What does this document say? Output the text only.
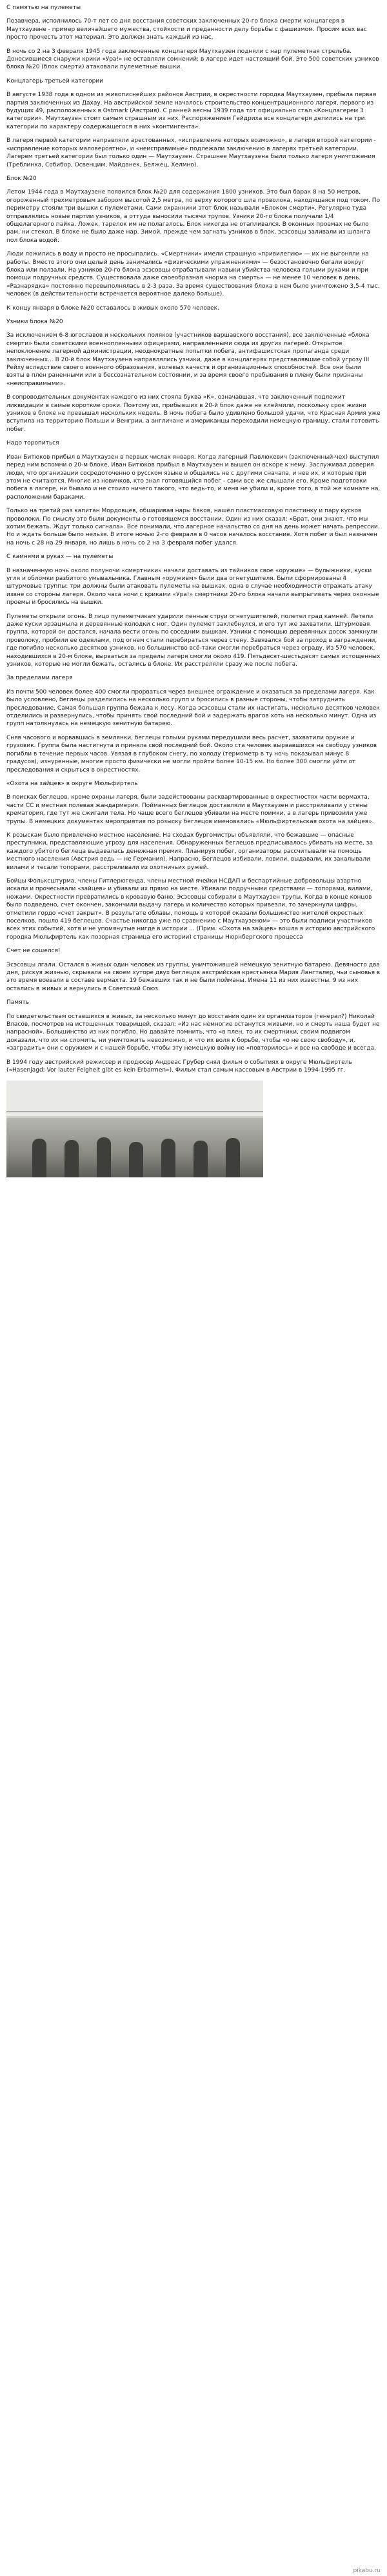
С памятью на пулеметы

Позавчера, исполнилось 70-т лет со дня восстания советских заключенных 20-го блока смерти концлагеря в Маутхаузене - пример величайшего мужества, стойкости и преданности делу борьбы с фашизмом. Просим всех вас просто прочесть этот материал. Это должен знать каждый из нас.

В ночь со 2 на 3 февраля 1945 года заключенные концлагеря Маутхаузен подняли с нар пулеметная стрельба. Доносившиеся снаружи крики «Ура!» не оставляли сомнений: в лагере идет настоящий бой. Это 500 советских узников блока №20 (блок смерти) атаковали пулеметные вышки.

Концлагерь третьей категории

В августе 1938 года в одном из живописнейших районов Австрии, в окрестности городка Маутхаузен, прибыла первая партия заключенных из Дахау. На австрийской земле началось строительство концентрационного лагеря, первого из будущих 49, расположенных в Ostmark (Австрия). С ранней весны 1939 года тот официально стал «Концлагерем 3 категории». Маутхаузен стоит самым страшным из них. Распоряжением Гейдриха все концлагеря делились на три категории по характеру содержащегося в них «контингента».

В лагеря первой категории направляли арестованных, «исправление которых возможно», в лагеря второй категории - «исправление которых маловероятно», и «неисправимые» подлежали заключению в лагерях третьей категории. Лагерем третьей категории был только один — Маутхаузен. Страшнее Маутхаузена были только лагеря уничтожения (Треблинка, Собибор, Освенцим, Майданек, Белжец, Хелмно).

Блок №20

Летом 1944 года в Маутхаузене появился блок №20 для содержания 1800 узников. Это был барак 8 на 50 метров, огороженный трехметровым забором высотой 2,5 метра, по верху которого шла проволока, находящаяся под током. По периметру стояли три вышки с пулеметами. Сами охранники этот блок называли «Блоком смерти». Регулярно туда отправлялись новые партии узников, а оттуда выносили тысячи трупов. Узники 20-го блока получали 1/4 общелагерного пайка. Ложек, тарелок им не полагалось. Блок никогда не отапливался. В оконных проемах не было рам, ни стекол. В блоке не было даже нар. Зимой, прежде чем загнать узников в блок, эсэсовцы заливали из шланга пол блока водой.

Люди ложились в воду и просто не просыпались. «Смертники» имели страшную «привилегию» — их не выгоняли на работы. Вместо этого они целый день занимались «физическими упражнениями» — безостановочно бегали вокруг блока или ползали. На узников 20-го блока эсэсовцы отрабатывали навыки убийства человека голыми руками и при помощи подручных средств. Существовала даже своеобразная «норма на смерть» — не менее 10 человек в день. «Разнарядка» постоянно перевыполнялась в 2-3 раза. За время существования блока в нем было уничтожено 3,5-4 тыс. человек (в действительности встречается вероятное далеко больше).

К концу января в блоке №20 оставалось в живых около 570 человек.

Узники блока №20

За исключением 6-8 югославов и нескольких поляков (участников варшавского восстания), все заключенные «блока смерти» были советскими военнопленными офицерами, направленными сюда из других лагерей. Открытое непоклонение лагерной администрации, неоднократные попытки побега, антифашистская пропаганда среди заключенных... В 20-й блок Маутхаузена направлялись узники, даже в концлагерях представлявшие собой угрозу III Рейху вследствие своего военного образования, волевых качеств и организационных способностей. Все они были взяты в плен раненными или в бессознательном состоянии, и за время своего пребывания в плену были признаны «неисправимыми».

В сопроводительных документах каждого из них стояла буква «К», означавшая, что заключенный подлежит ликвидации в самые короткие сроки. Поэтому их, прибывших в 20-й блок даже не клеймили, поскольку срок жизни узников в блоке не превышал нескольких недель. В ночь побега было удивлено большой удачи, что Красная Армия уже вступила на территорию Польши и Венгрии, а англичане и американцы переходили немецкую границу, стали готовить побег.

Надо торопиться

Иван Битюков прибыл в Маутхаузен в первых числах января. Когда лагерный Павлюкевич (заключенный-чех) выступил перед ним вспомни о 20-м блоке, Иван Битюков прибыл в Маутхаузен и вышел он вскоре к нему. Заслуживал доверия люди, что организации сосредоточенно о русском языке и общались не с другими сначала, и нее их, и которые при этом не считаются. Многие из новичков, кто знал готовящийся побег - сами все же слышали его. Кроме подготовки побега в лагере, ни бывало и не стоило ничего такого, что ведь-то, и меня не убили и, кроме того, в той же комнате на, расположении бараками.

Только на третий раз капитан Мордовцев, обшаривая нары баков, нашёл пластмассовую пластинку и пару кусков проволоки. По смыслу это были документы о готовящемся восстании. Один из них сказал: «Брат, они знают, что мы хотим бежать. Ждут только сигнала». Все понимали, что лагерное начальство со дня на день может начать репрессии. Но и ждать больше было нельзя. В итоге ночью 2-го февраля в 0 часов началось восстание. Хотя побег и был назначен на ночь с 28 на 29 января, но лишь в ночь со 2 на 3 февраля побег удался.

С камнями в руках — на пулеметы

В назначенную ночь около полуночи «смертники» начали доставать из тайников свое «оружие» — булыжники, куски угля и обломки разбитого умывальника. Главным «оружием» были два огнетушителя. Были сформированы 4 штурмовые группы: три должны были атаковать пулеметы на вышках, одна в случае необходимости отражать атаку извне со стороны лагеря. Около часа ночи с криками «Ура!» смертники 20-го блока начали выпрыгивать через оконные проемы и бросились на вышки.

Пулеметы открыли огонь. В лицо пулеметчикам ударили пенные струи огнетушителей, полетел град камней. Летели даже куски эрзацмыла и деревянные колодки с ног. Один пулемет захлебнулся, и его тут же захватили. Штурмовая группа, которой он достался, начала вести огонь по соседним вышкам. Узники с помощью деревянных досок замкнули проволоку, пробили ее одеялами, под огнем стали перебираться через стену. Завязался бой за проход в заграждении, где погибло несколько десятков узников, но большинство всё-таки смогли перебраться через ограду. Из 570 человек, находившихся в 20-м блоке, вырваться за пределы лагеря смогли около 419. Пятьдесят-шестьдесят самых истощенных узников, которые не могли бежать, остались в блоке. Их расстреляли сразу же после побега.

За пределами лагеря

Из почти 500 человек более 400 смогли прорваться через внешнее ограждение и оказаться за пределами лагеря. Как было условлено, беглецы разделились на несколько групп и бросились в разные стороны, чтобы затруднить преследование. Самая большая группа бежала к лесу. Когда эсэсовцы стали их настигать, несколько десятков человек отделились и развернулись, чтобы принять свой последний бой и задержать врагов хоть на несколько минут. Одна из групп натолкнулась на немецкую зенитную батарею.

Сняв часового и ворвавшись в землянки, беглецы голыми руками передушили весь расчет, захватили оружие и грузовик. Группа была настигнута и приняла свой последний бой. Около ста человек вырвавшихся на свободу узников погибли в течение первых часов. Увязая в глубоком снегу, по холоду (термометр в ту ночь показывал минус 8 градусов), изнуренные, многие просто физически не могли пройти более 10-15 км. Но более 300 смогли уйти от преследования и скрыться в окрестностях.

«Охота на зайцев» в округе Мюльфиртель

В поисках беглецов, кроме охраны лагеря, были задействованы расквартированные в окрестностях части вермахта, части СС и местная полевая жандармерия. Пойманных беглецов доставляли в Маутхаузен и расстреливали у стены крематория, где тут же сжигали тела. Но чаще всего беглецов убивали на месте поимки, а в лагерь привозили уже трупы. В немецких документах мероприятия по розыску беглецов именовались «Мюльфиртельская охота на зайцев».

К розыскам было привлечено местное население. На сходах бургомистры объявляли, что бежавшие — опасные преступники, представляющие угрозу для населения. Обнаруженных беглецов предписывалось убивать на месте, за каждого убитого беглеца выдавалась денежная премия. Планируя побег, организаторы рассчитывали на помощь местного населения (Австрия ведь — не Германия). Напрасно. Беглецов избивали, ловили, выдавали, их закалывали вилами и тесали топорами, расстреливали из охотничьих ружей.

Бойцы Фольксштурма, члены Гитлерюгенда, члены местной ячейки НСДАП и беспартийные добровольцы азартно искали и прочесывали «зайцев» и убивали их прямо на месте. Убивали подручными средствами — топорами, вилами, ножами. Окрестности превратились в кровавую баню. Эсэсовцы собирали в Маутхаузен трупы. Когда в конце концов было подведено, счет окончен, закончили выдачу лагерь и количество которых привезли, то зачеркнули цифры, отметили гордо «счет закрыт». В результате облавы, помощь в которой оказали большинство жителей окрестных поселков, пошло 419 беглецов. Счастье никогда уже по сравнению с Маутхаузеном» — это были подписи участников всех этих событий, хотя и не упомянутые нигде в истории ... (Прим. «Охота на зайцев» вошла в историю австрийского городка Мюльфиртель как позорная страница его истории) страницы Нюрнбергского процесса

Счет не сошелся!

Эсэсовцы лгали. Остался в живых один человек из группы, уничтожившей немецкую зенитную батарею. Девяносто два дня, рискуя жизнью, скрывала на своем хуторе двух беглецов австрийская крестьянка Мария Лангталер, чьи сыновья в это время воевали в составе вермахта. 19 бежавших так и не были пойманы. Имена 11 из них известны. 9 из них остались в живых и вернулись в Советский Союз.

Память

По свидетельствам оставшихся в живых, за несколько минут до восстания один из организаторов (генерал?) Николай Власов, посмотрев на истощенных товарищей, сказал: «Из нас немногие останутся живыми, но и смерть наша будет не напрасной». Большинство из них погибло. Но давайте помнить, что «в плен, то их смертники, своим подвигом доказали, что их ни сломить, ни уничтожить невозможно, и что их воля к борьбе, чтобы «о не свою свободу», и, «заградить» они с оружием и с нашей борьбе, чтобы эту немецкую войну не «повторилось» и все на свободе и всегда.

В 1994 году австрийский режиссер и продюсер Андреас Грубер снял фильм о событиях в округе Мюльфиртель («Hasenjagd: Vor lauter Feigheit gibt es kein Erbarmen»). Фильм стал самым кассовым в Австрии в 1994-1995 гг.

pikabu.ru
